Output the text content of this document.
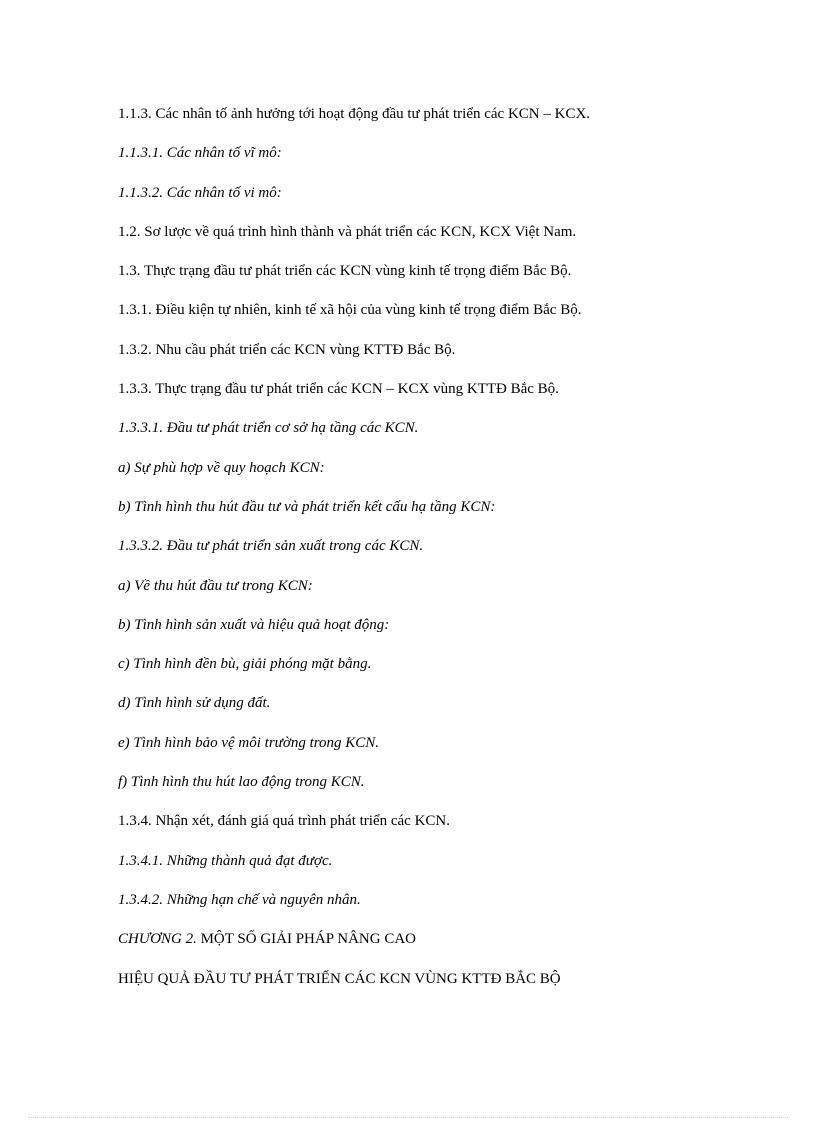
1.1.3. Các nhân tố ảnh hưởng tới hoạt động đầu tư phát triển các KCN – KCX.
1.1.3.1. Các nhân tố vĩ mô:
1.1.3.2. Các nhân tố vi mô:
1.2. Sơ lược về quá trình hình thành và phát triển các KCN, KCX Việt Nam.
1.3. Thực trạng đầu tư phát triển các KCN vùng kinh tế trọng điểm Bắc Bộ.
1.3.1. Điều kiện tự nhiên, kinh tế xã hội của vùng kinh tế trọng điểm Bắc Bộ.
1.3.2. Nhu cầu phát triển các KCN vùng KTTĐ Bắc Bộ.
1.3.3. Thực trạng đầu tư phát triển các KCN – KCX vùng KTTĐ Bắc Bộ.
1.3.3.1. Đầu tư phát triển cơ sở hạ tầng các KCN.
a) Sự phù hợp về quy hoạch KCN:
b) Tình hình thu hút đầu tư và phát triển kết cấu hạ tầng KCN:
1.3.3.2. Đầu tư phát triển sản xuất trong các KCN.
a) Về thu hút đầu tư trong KCN:
b) Tình hình sản xuất và hiệu quả hoạt động:
c) Tình hình đền bù, giải phóng mặt bằng.
d) Tình hình sử dụng đất.
e) Tình hình bảo vệ môi trường trong KCN.
f) Tình hình thu hút lao động trong KCN.
1.3.4. Nhận xét, đánh giá quá trình phát triển các KCN.
1.3.4.1. Những thành quả đạt được.
1.3.4.2. Những hạn chế và nguyên nhân.
CHƯƠNG 2. MỘT SỐ GIẢI PHÁP NÂNG CAO
HIỆU QUẢ ĐẦU TƯ PHÁT TRIỂN CÁC KCN VÙNG KTTĐ BẮC BỘ
